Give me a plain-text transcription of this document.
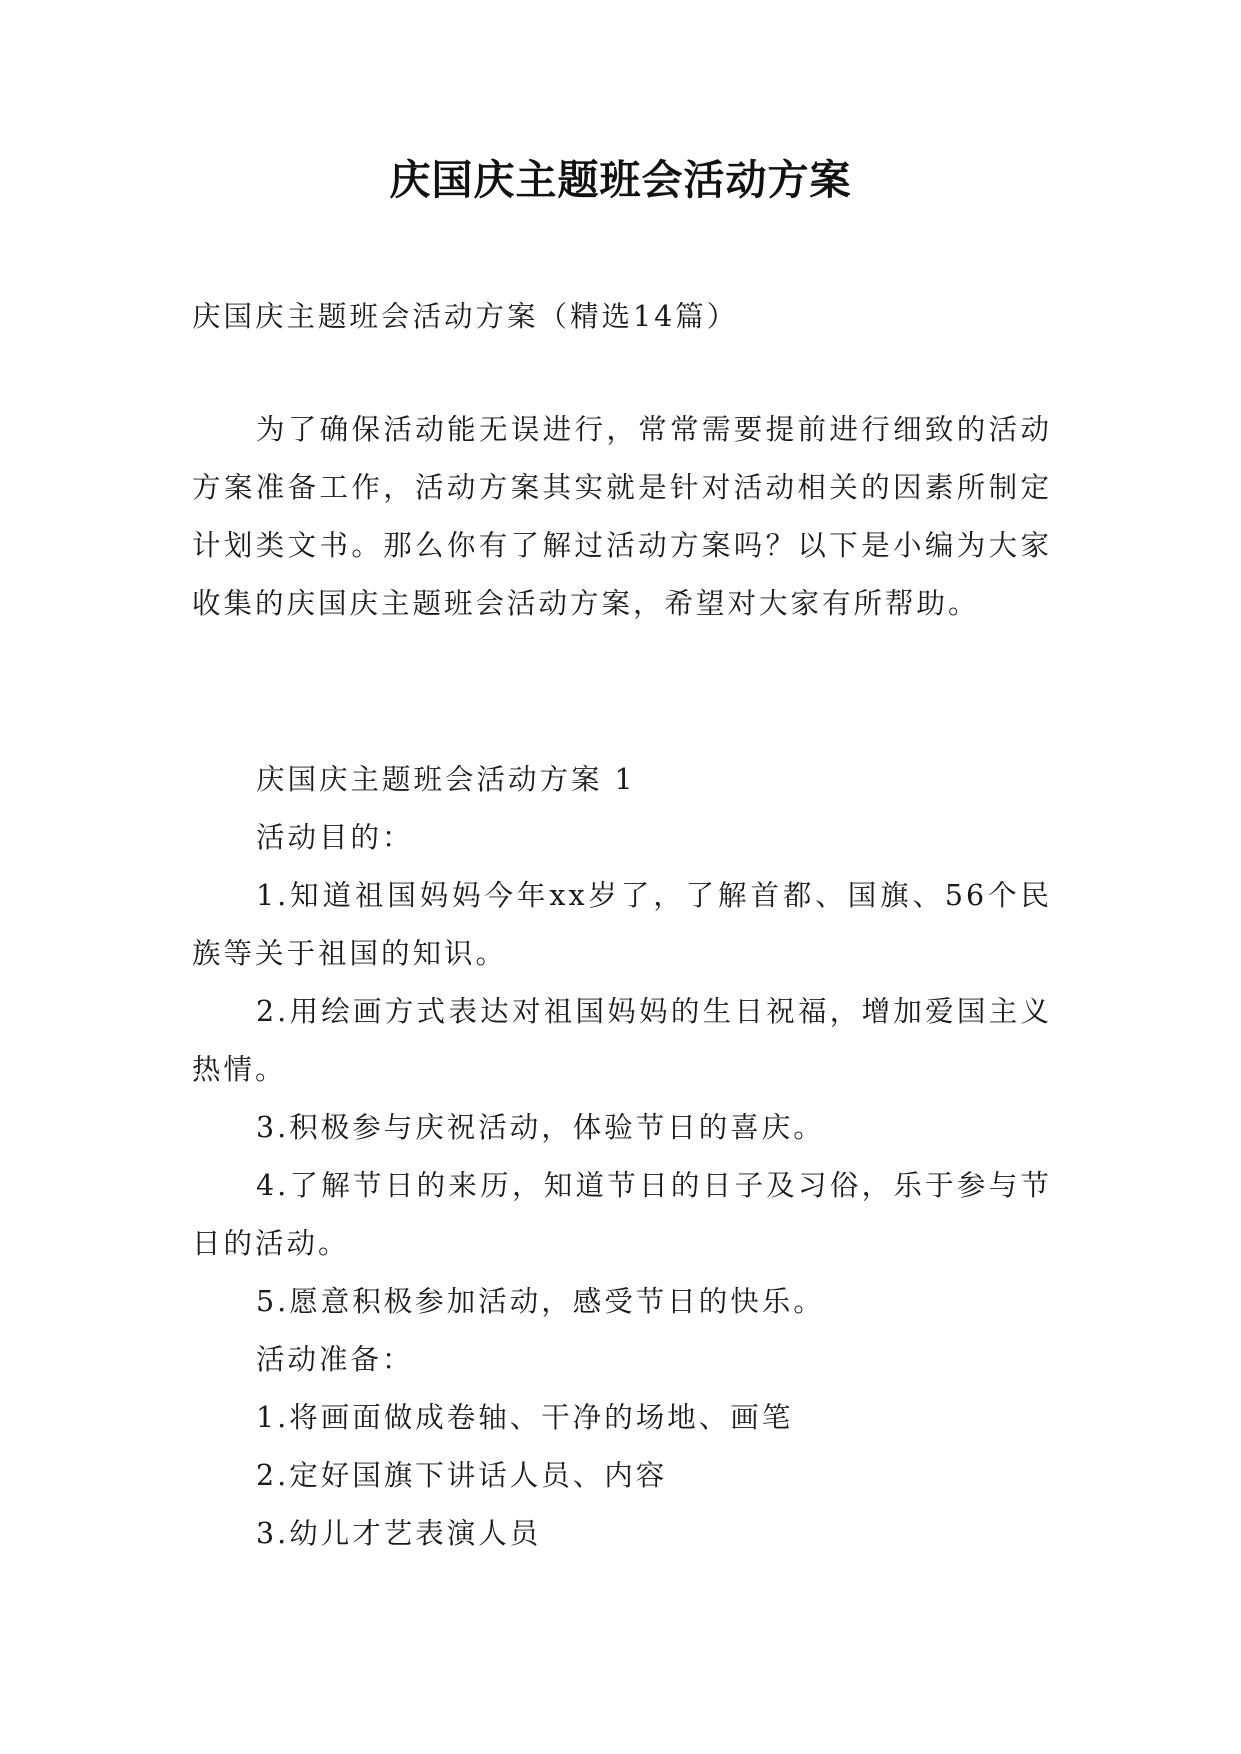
庆国庆主题班会活动方案

庆国庆主题班会活动方案（精选14篇）

为了确保活动能无误进行，常常需要提前进行细致的活动方案准备工作，活动方案其实就是针对活动相关的因素所制定计划类文书。那么你有了解过活动方案吗？以下是小编为大家收集的庆国庆主题班会活动方案，希望对大家有所帮助。

庆国庆主题班会活动方案 1

活动目的：

1.知道祖国妈妈今年xx岁了，了解首都、国旗、56个民族等关于祖国的知识。

2.用绘画方式表达对祖国妈妈的生日祝福，增加爱国主义热情。

3.积极参与庆祝活动，体验节日的喜庆。

4.了解节日的来历，知道节日的日子及习俗，乐于参与节日的活动。

5.愿意积极参加活动，感受节日的快乐。

活动准备：

1.将画面做成卷轴、干净的场地、画笔

2.定好国旗下讲话人员、内容

3.幼儿才艺表演人员
